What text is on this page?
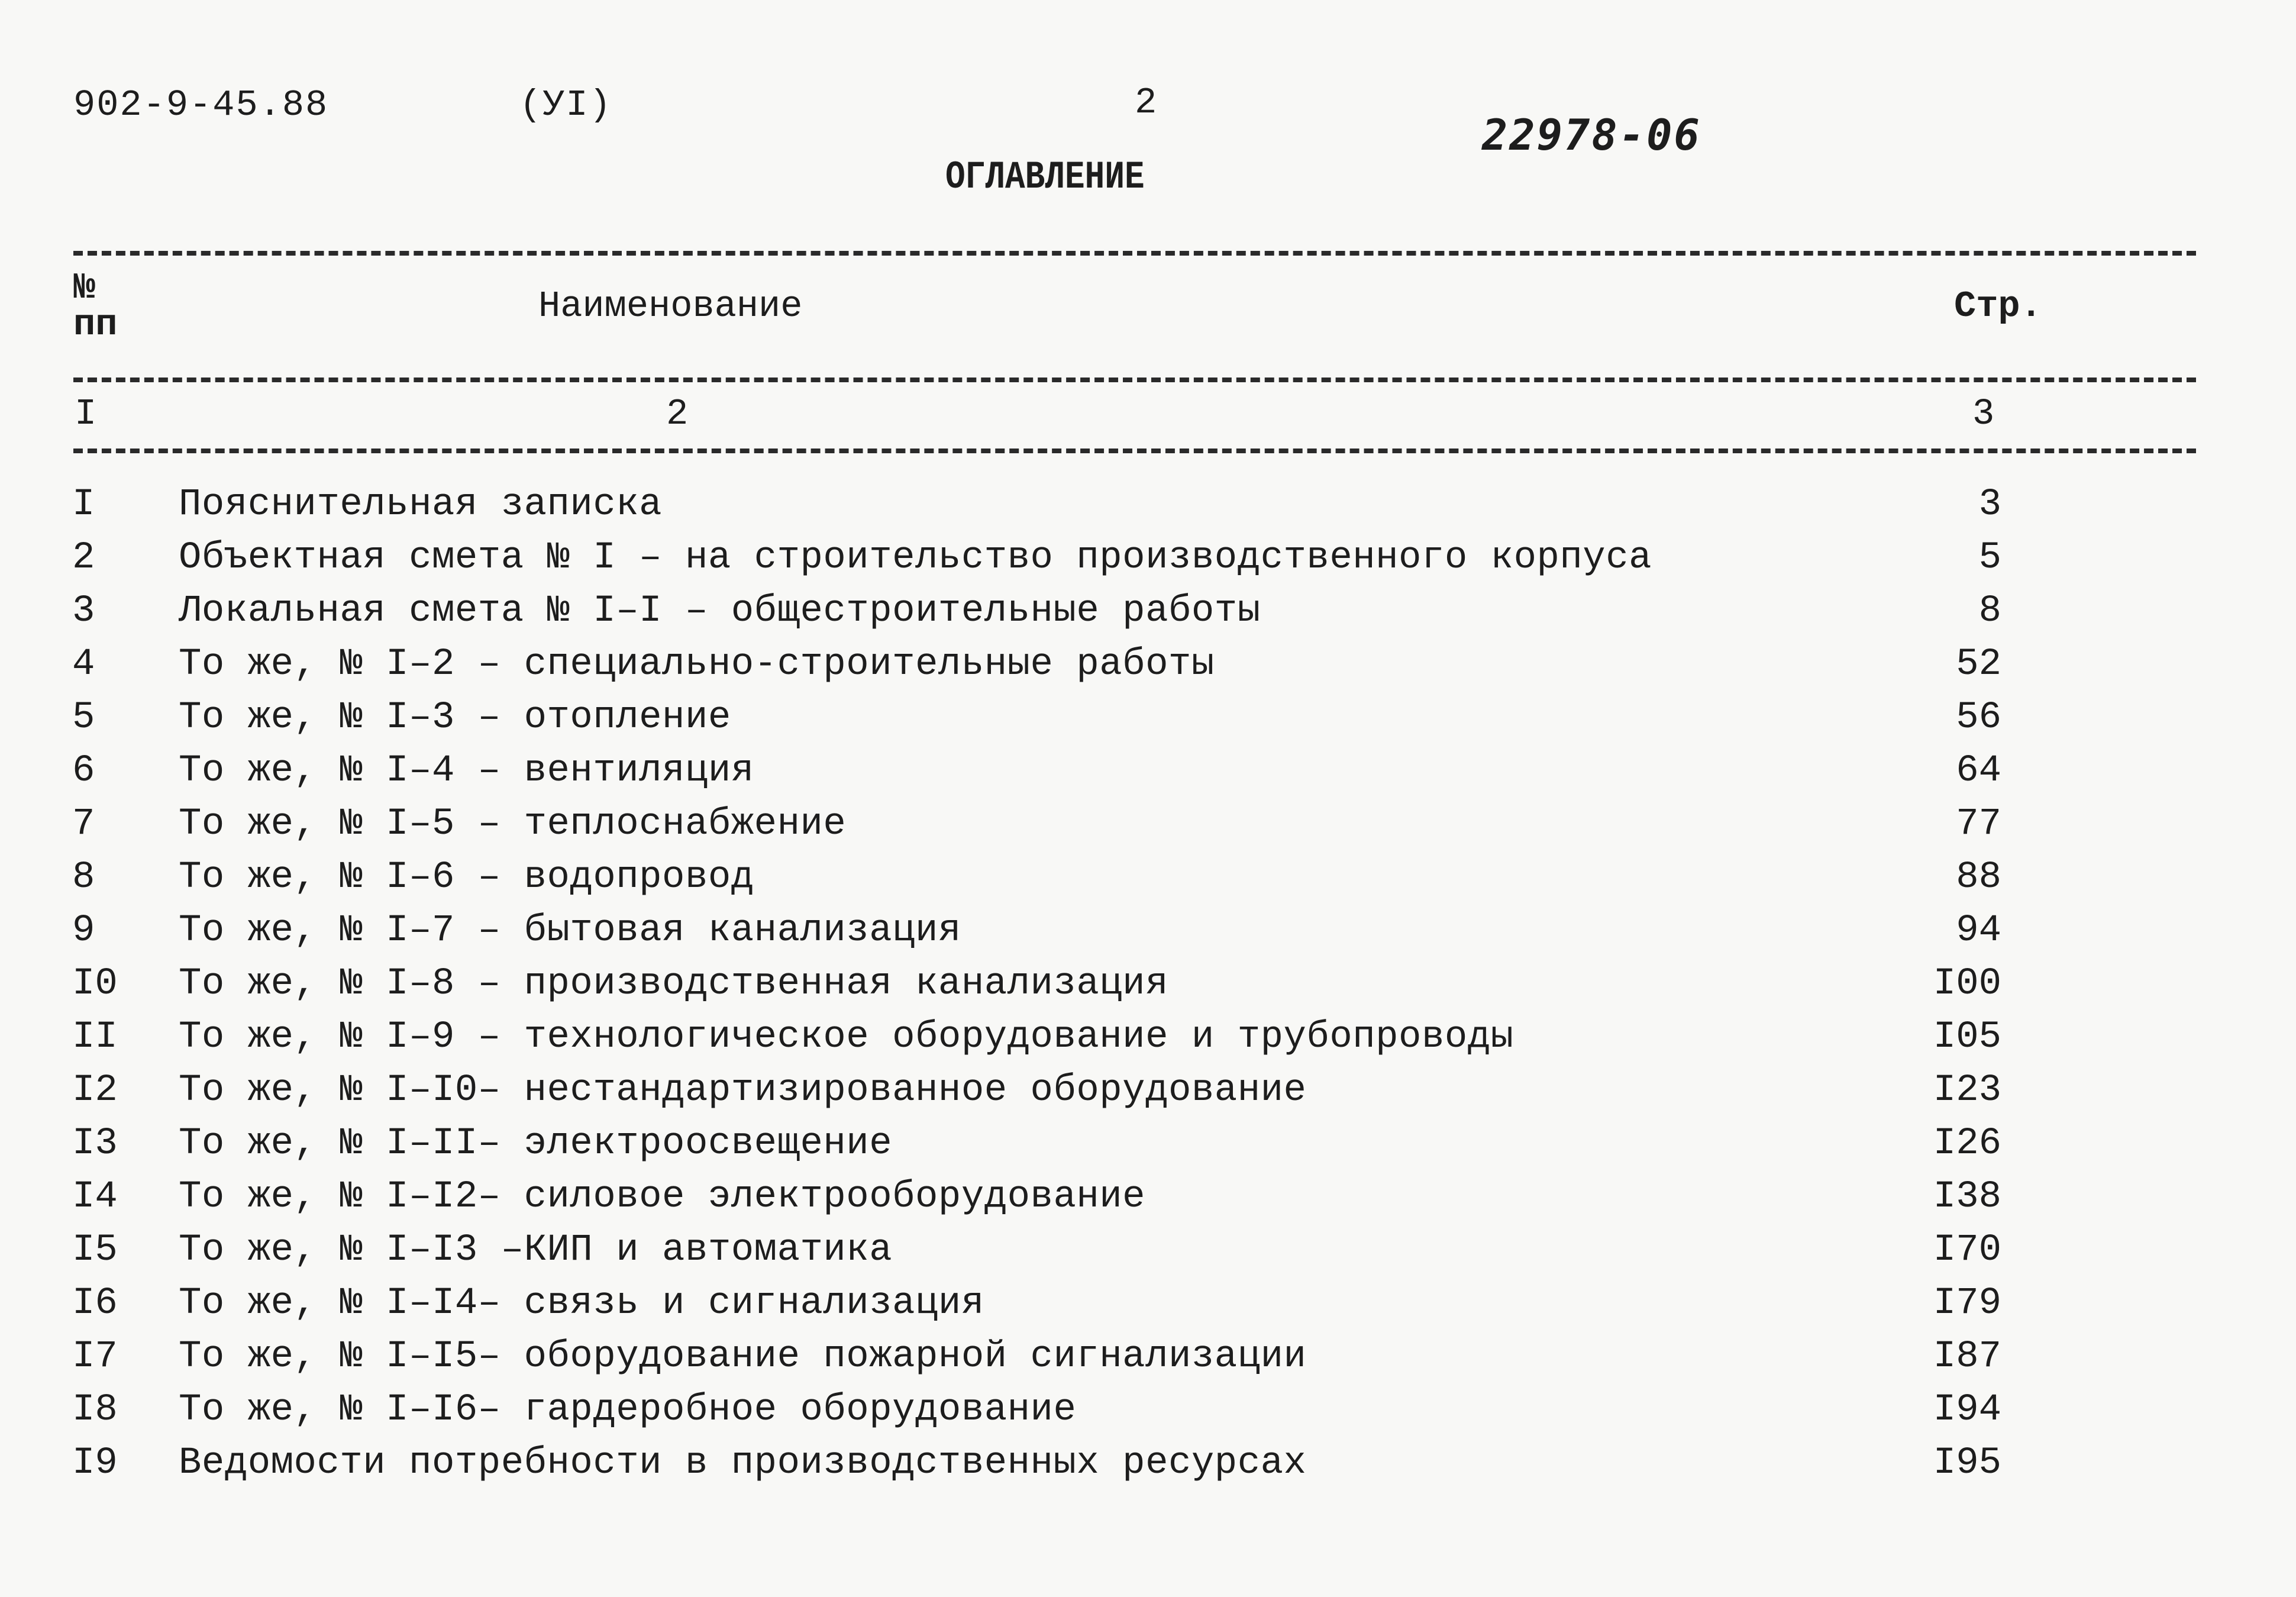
902-9-45.88	(УI)	2
22978-06
ОГЛАВЛЕНИЕ
№
пп	Наименование	Стр.
I	2	3
I Пояснительная записка	3
2 Объектная смета № I – на строительство производственного корпуса	5
3 Локальная смета № I–I – общестроительные работы	8
4 То же, № I–2 – специально-строительные работы	52
5 То же, № I–3 – отопление	56
6 То же, № I–4 – вентиляция	64
7 То же, № I–5 – теплоснабжение	77
8 То же, № I–6 – водопровод	88
9 То же, № I–7 – бытовая канализация	94
I0 То же, № I–8 – производственная канализация	I00
II То же, № I–9 – технологическое оборудование и трубопроводы	I05
I2 То же, № I–I0– нестандартизированное оборудование	I23
I3 То же, № I–II– электроосвещение	I26
I4 То же, № I–I2– силовое электрооборудование	I38
I5 То же, № I–I3 –КИП и автоматика	I70
I6 То же, № I–I4– связь и сигнализация	I79
I7 То же, № I–I5– оборудование пожарной сигнализации	I87
I8 То же, № I–I6– гардеробное оборудование	I94
I9 Ведомости потребности в производственных ресурсах	I95
